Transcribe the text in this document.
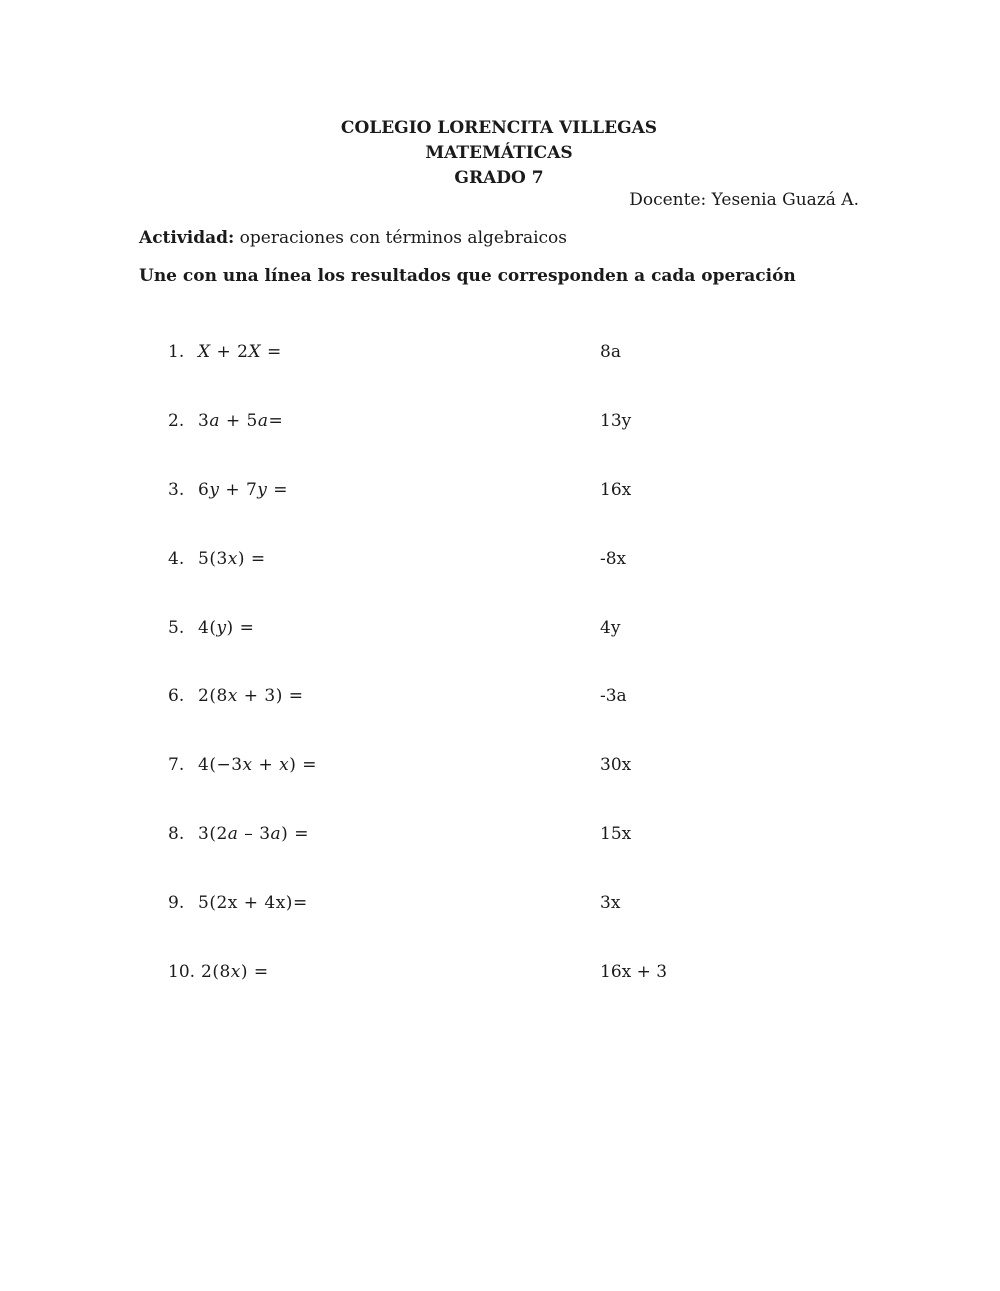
COLEGIO LORENCITA VILLEGAS
MATEMÁTICAS
GRADO 7
Docente: Yesenia Guazá A.
Actividad: operaciones con términos algebraicos
Une con una línea los resultados que corresponden a cada operación
1. 𝑋 + 2𝑋 =	8a
2. 3𝑎 + 5𝑎=	13y
3. 6𝑦 + 7𝑦 =	16x
4. 5(3𝑥) =	-8x
5. 4(𝑦) =	4y
6. 2(8𝑥 + 3) =	-3a
7. 4(−3𝑥 + 𝑥) =	30x
8. 3(2𝑎 – 3𝑎) =	15x
9. 5(2x + 4x)=	3x
10. 2(8𝑥) =	16x + 3
